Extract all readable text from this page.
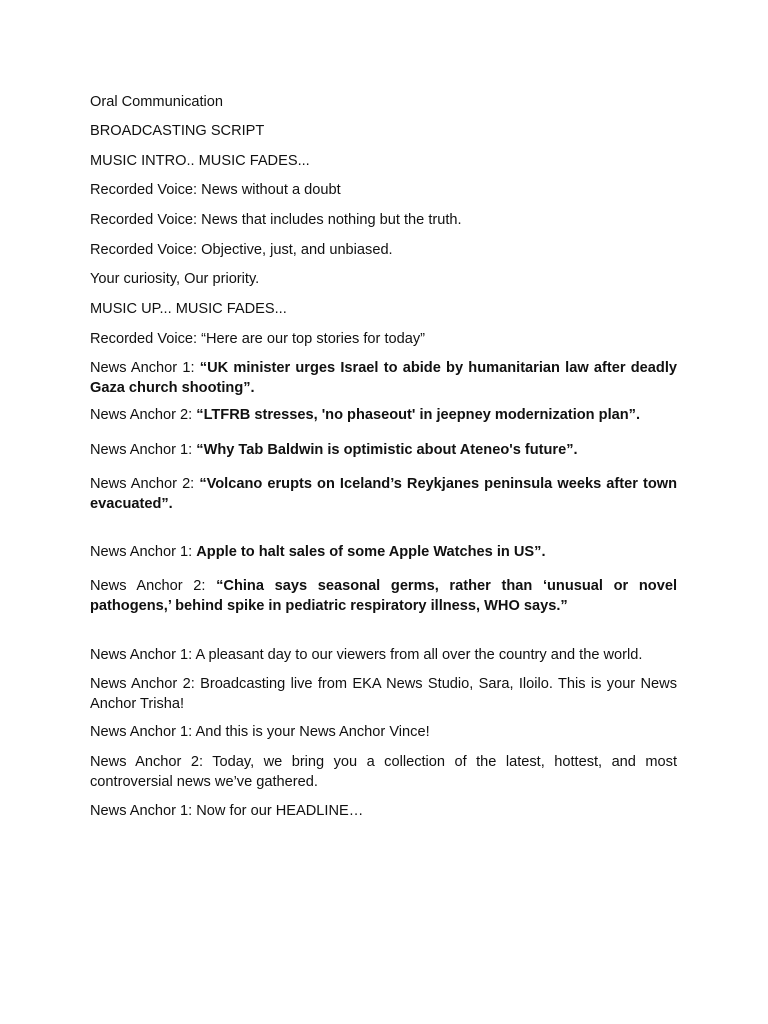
Oral Communication
BROADCASTING SCRIPT
MUSIC INTRO.. MUSIC FADES...
Recorded Voice: News without a doubt
Recorded Voice: News that includes nothing but the truth.
Recorded Voice: Objective, just, and unbiased.
Your curiosity, Our priority.
MUSIC UP... MUSIC FADES...
Recorded Voice: “Here are our top stories for today”
News Anchor 1: “UK minister urges Israel to abide by humanitarian law after deadly Gaza church shooting”.
News Anchor 2: “LTFRB stresses, 'no phaseout' in jeepney modernization plan”.
News Anchor 1: “Why Tab Baldwin is optimistic about Ateneo's future”.
News Anchor 2: “Volcano erupts on Iceland’s Reykjanes peninsula weeks after town evacuated”.
News Anchor 1: Apple to halt sales of some Apple Watches in US”.
News Anchor 2: “China says seasonal germs, rather than ‘unusual or novel pathogens,’ behind spike in pediatric respiratory illness, WHO says.”
News Anchor 1: A pleasant day to our viewers from all over the country and the world.
News Anchor 2: Broadcasting live from EKA News Studio, Sara, Iloilo. This is your News Anchor Trisha!
News Anchor 1: And this is your News Anchor Vince!
News Anchor 2: Today, we bring you a collection of the latest, hottest, and most controversial news we’ve gathered.
News Anchor 1: Now for our HEADLINE…
